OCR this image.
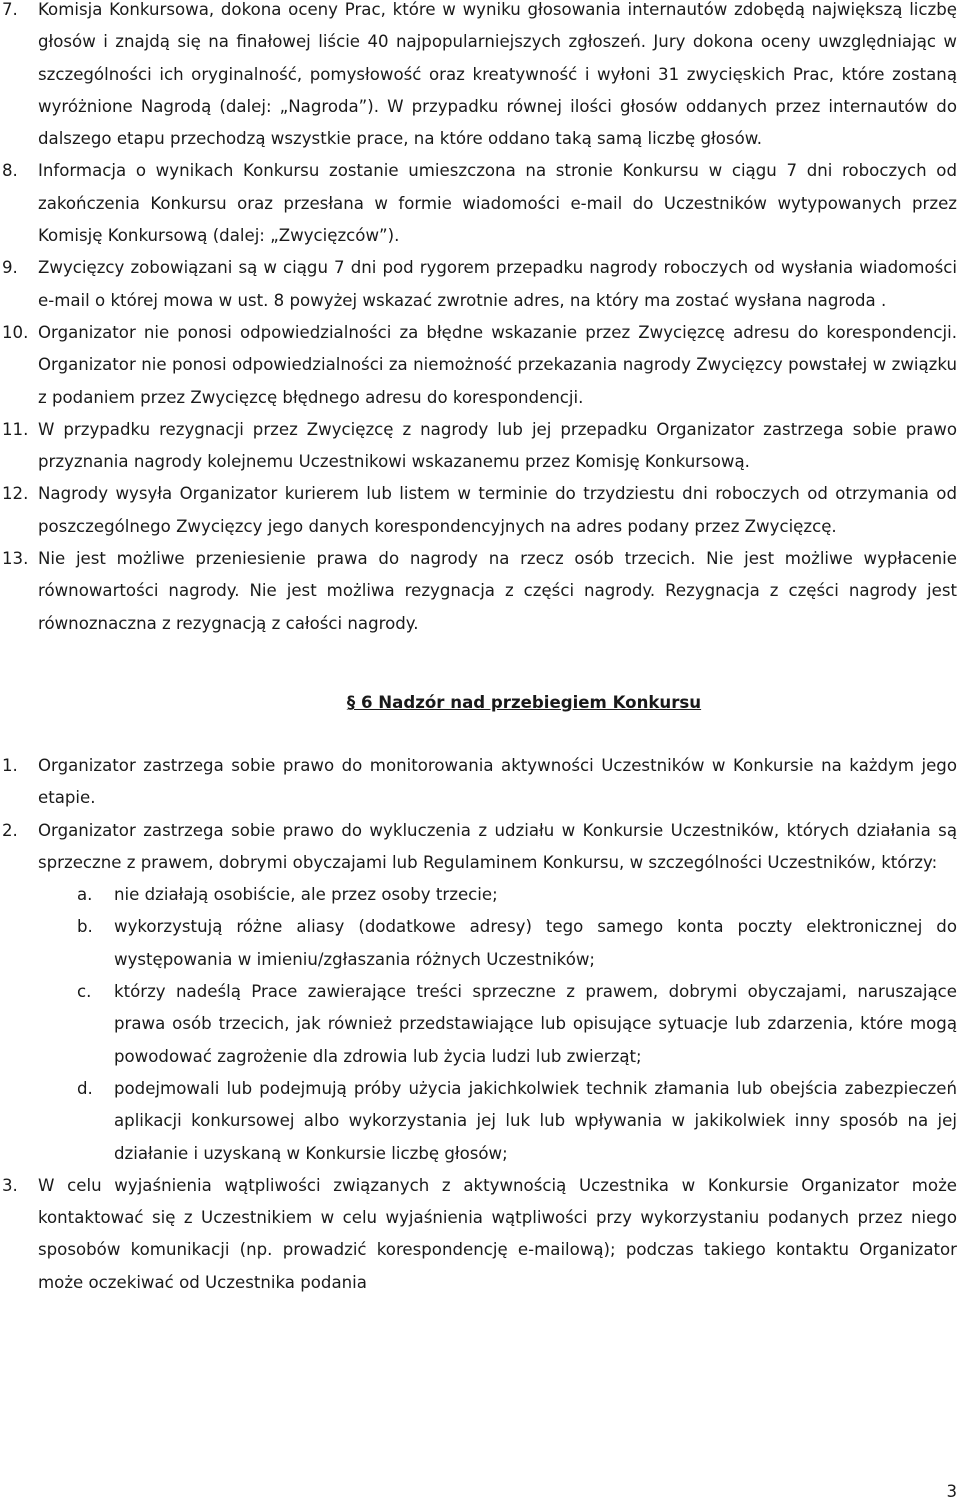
7. Komisja Konkursowa, dokona oceny Prac, które w wyniku głosowania internautów zdobędą największą liczbę głosów i znajdą się na finałowej liście 40 najpopularniejszych zgłoszeń. Jury dokona oceny uwzględniając w szczególności ich oryginalność, pomysłowość oraz kreatywność i wyłoni 31 zwycięskich Prac, które zostaną wyróżnione Nagrodą (dalej: „Nagroda”). W przypadku równej ilości głosów oddanych przez internautów do dalszego etapu przechodzą wszystkie prace, na które oddano taką samą liczbę głosów.
8. Informacja o wynikach Konkursu zostanie umieszczona na stronie Konkursu w ciągu 7 dni roboczych od zakończenia Konkursu oraz przesłana w formie wiadomości e-mail do Uczestników wytypowanych przez Komisję Konkursową (dalej: „Zwycięzców”).
9. Zwycięzcy zobowiązani są w ciągu 7 dni pod rygorem przepadku nagrody roboczych od wysłania wiadomości e-mail o której mowa w ust. 8 powyżej wskazać zwrotnie adres, na który ma zostać wysłana nagroda .
10. Organizator nie ponosi odpowiedzialności za błędne wskazanie przez Zwycięzcę adresu do korespondencji. Organizator nie ponosi odpowiedzialności za niemożność przekazania nagrody Zwycięzcy powstałej w związku z podaniem przez Zwycięzcę błędnego adresu do korespondencji.
11. W przypadku rezygnacji przez Zwycięzcę z nagrody lub jej przepadku Organizator zastrzega sobie prawo przyznania nagrody kolejnemu Uczestnikowi wskazanemu przez Komisję Konkursową.
12. Nagrody wysyła Organizator kurierem lub listem w terminie do trzydziestu dni roboczych od otrzymania od poszczególnego Zwycięzcy jego danych korespondencyjnych na adres podany przez Zwycięzcę.
13. Nie jest możliwe przeniesienie prawa do nagrody na rzecz osób trzecich. Nie jest możliwe wypłacenie równowartości nagrody. Nie jest możliwa rezygnacja z części nagrody. Rezygnacja z części nagrody jest równoznaczna z rezygnacją z całości nagrody.
§ 6 Nadzór nad przebiegiem Konkursu
1. Organizator zastrzega sobie prawo do monitorowania aktywności Uczestników w Konkursie na każdym jego etapie.
2. Organizator zastrzega sobie prawo do wykluczenia z udziału w Konkursie Uczestników, których działania są sprzeczne z prawem, dobrymi obyczajami lub Regulaminem Konkursu, w szczególności Uczestników, którzy:
a. nie działają osobiście, ale przez osoby trzecie;
b. wykorzystują różne aliasy (dodatkowe adresy) tego samego konta poczty elektronicznej do występowania w imieniu/zgłaszania różnych Uczestników;
c. którzy nadeślą Prace zawierające treści sprzeczne z prawem, dobrymi obyczajami, naruszające prawa osób trzecich, jak również przedstawiające lub opisujące sytuacje lub zdarzenia, które mogą powodować zagrożenie dla zdrowia lub życia ludzi lub zwierząt;
d. podejmowali lub podejmują próby użycia jakichkolwiek technik złamania lub obejścia zabezpieczeń aplikacji konkursowej albo wykorzystania jej luk lub wpływania w jakikolwiek inny sposób na jej działanie i uzyskaną w Konkursie liczbę głosów;
3. W celu wyjaśnienia wątpliwości związanych z aktywnością Uczestnika w Konkursie Organizator może kontaktować się z Uczestnikiem w celu wyjaśnienia wątpliwości przy wykorzystaniu podanych przez niego sposobów komunikacji (np. prowadzić korespondencję e-mailową); podczas takiego kontaktu Organizator może oczekiwać od Uczestnika podania
3
